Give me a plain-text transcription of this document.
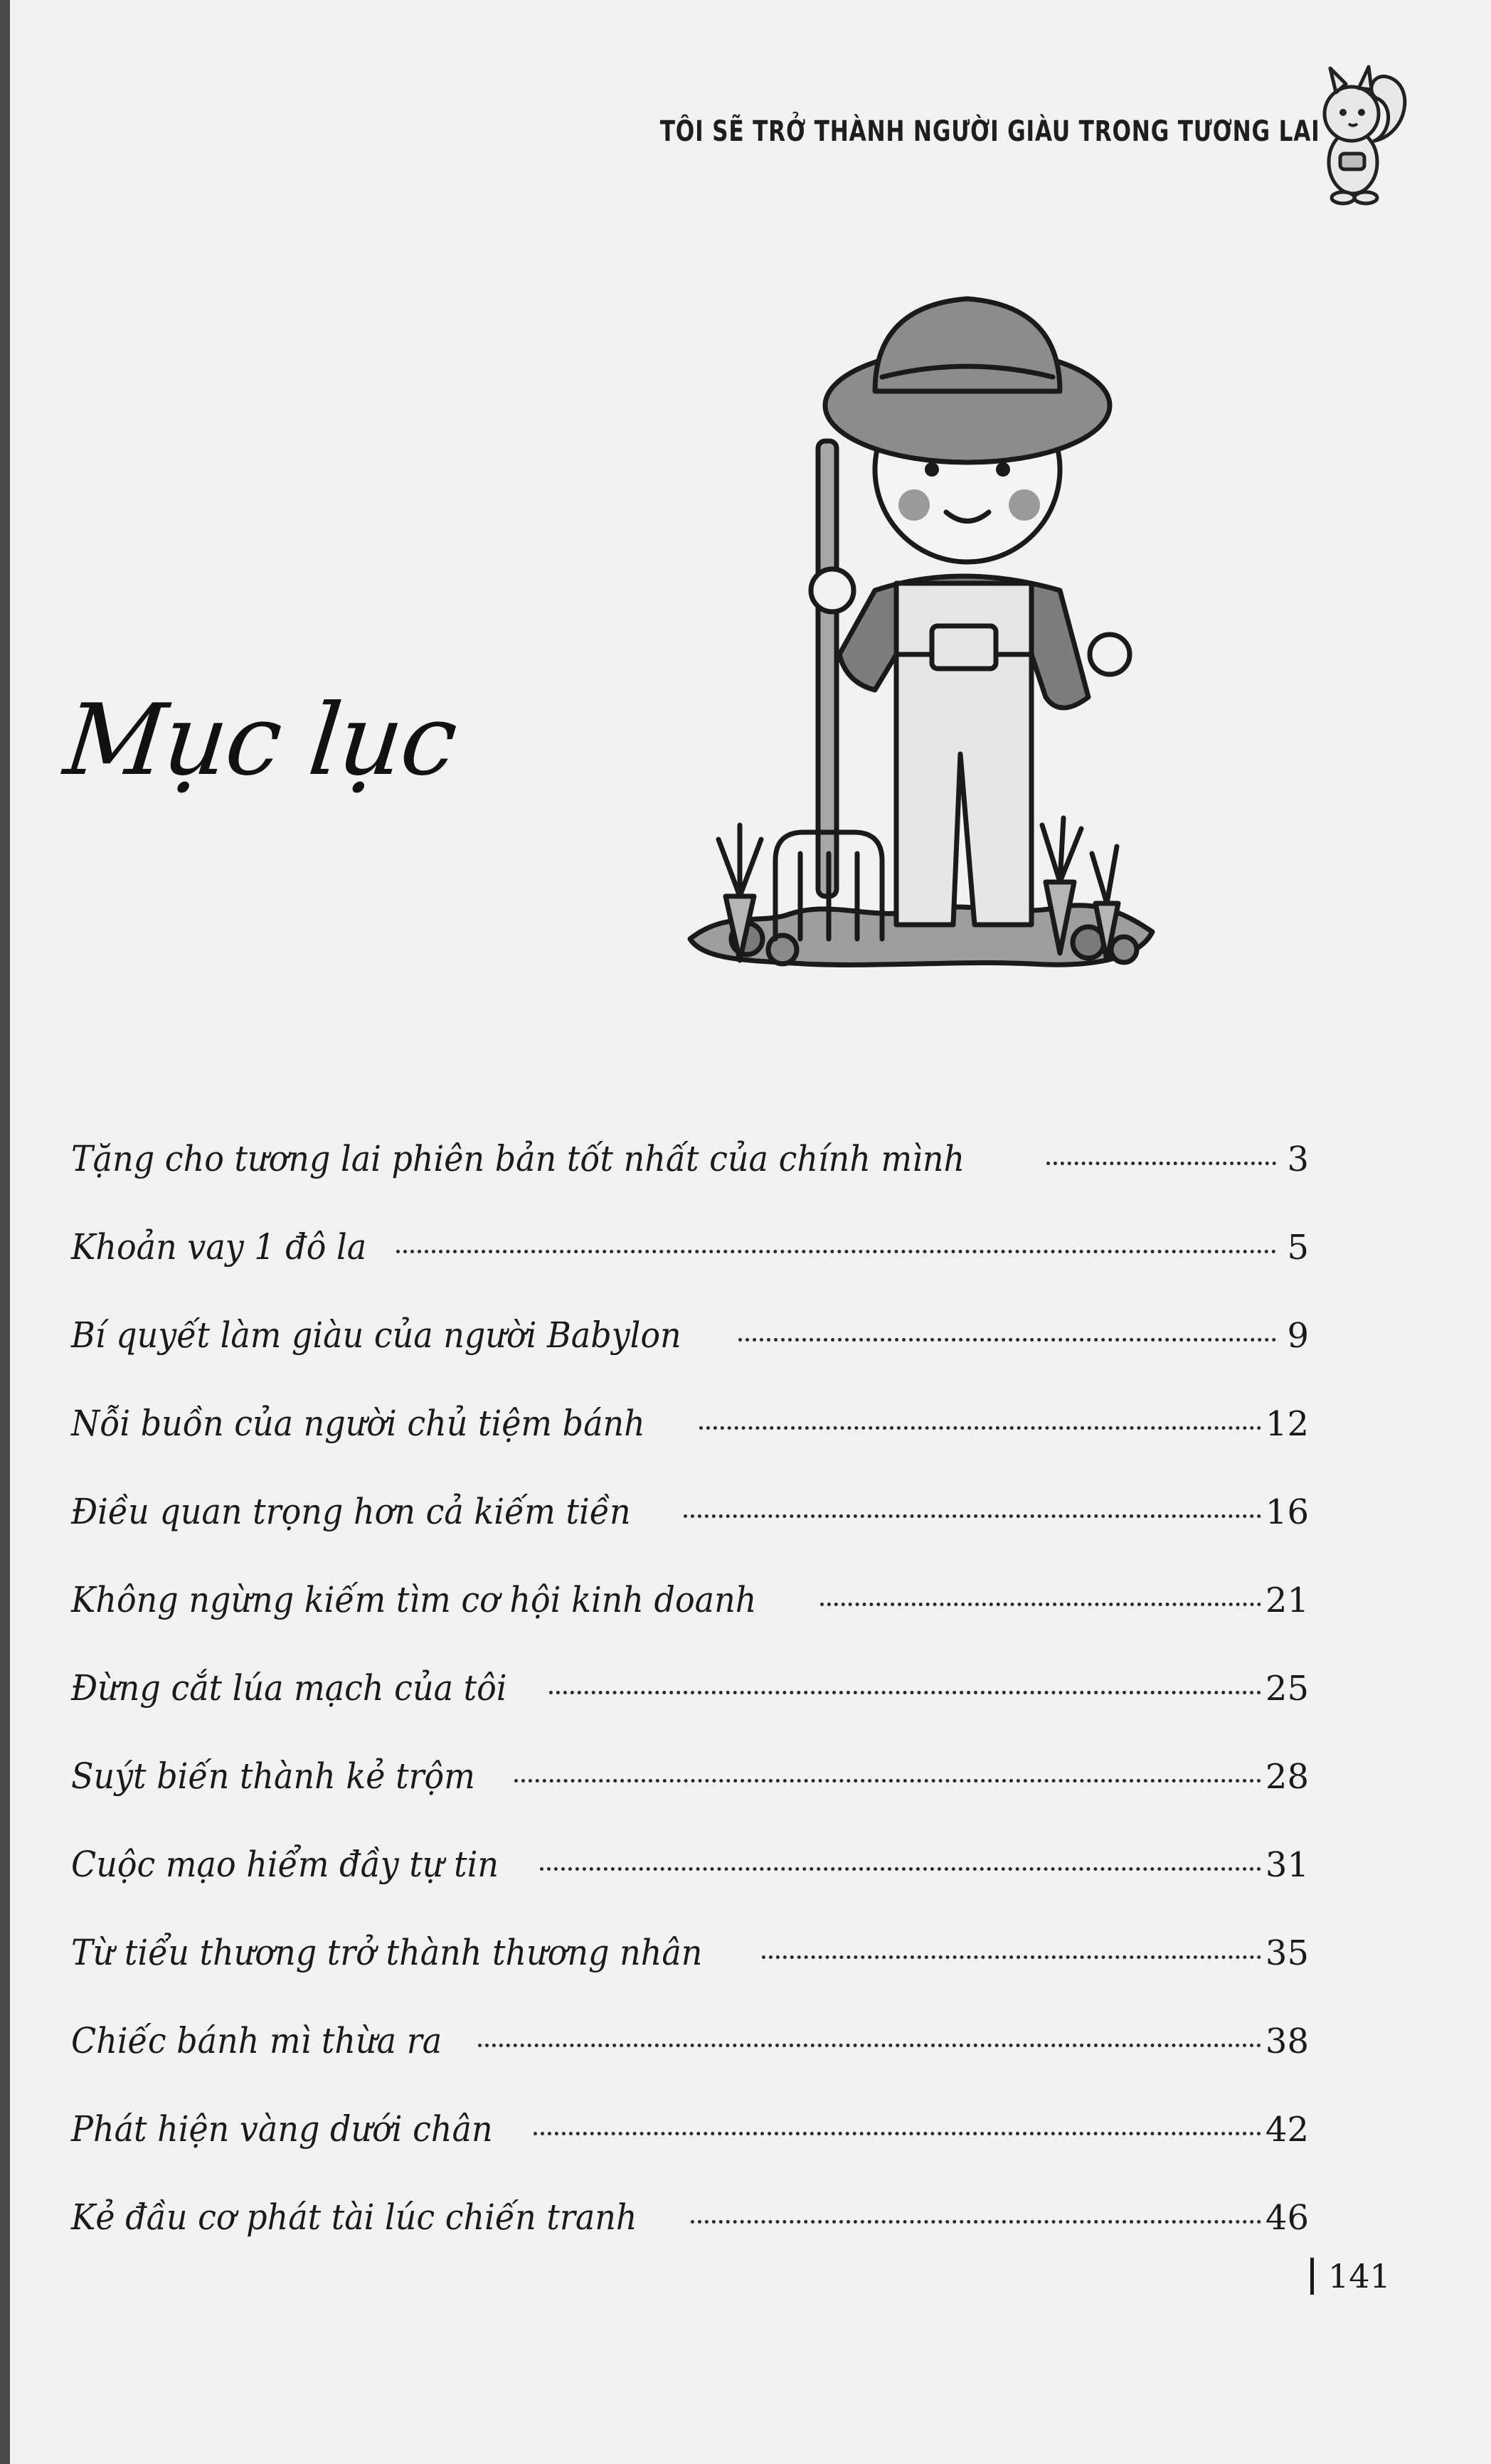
TÔI SẼ TRỞ THÀNH NGƯỜI GIÀU TRONG TƯƠNG LAI
Mục lục
Tặng cho tương lai phiên bản tốt nhất của chính mình	3
Khoản vay 1 đô la	5
Bí quyết làm giàu của người Babylon	9
Nỗi buồn của người chủ tiệm bánh	12
Điều quan trọng hơn cả kiếm tiền	16
Không ngừng kiếm tìm cơ hội kinh doanh	21
Đừng cắt lúa mạch của tôi	25
Suýt biến thành kẻ trộm	28
Cuộc mạo hiểm đầy tự tin	31
Từ tiểu thương trở thành thương nhân	35
Chiếc bánh mì thừa ra	38
Phát hiện vàng dưới chân	42
Kẻ đầu cơ phát tài lúc chiến tranh	46
141
